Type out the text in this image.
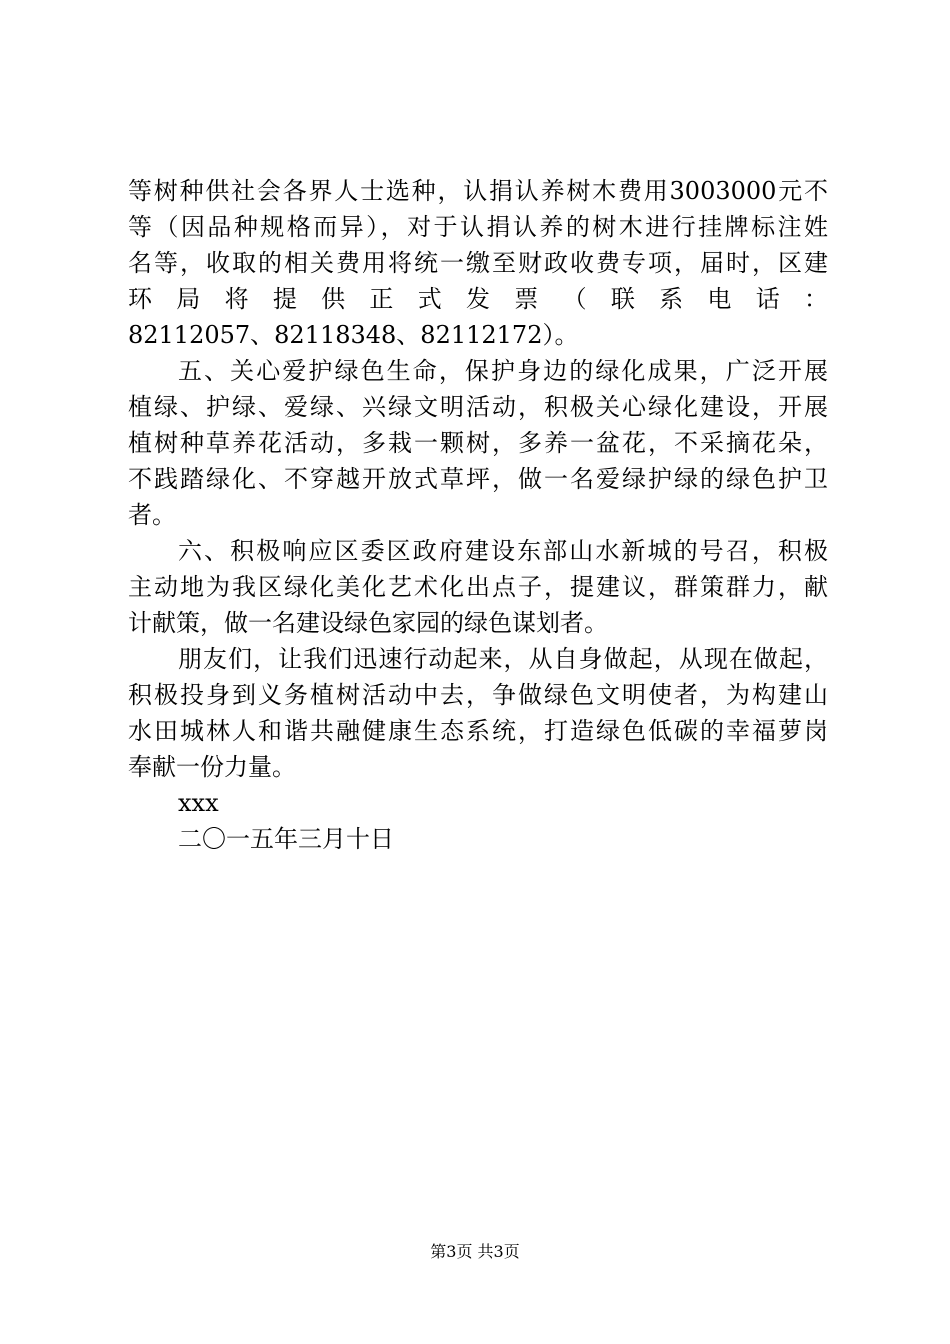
等树种供社会各界人士选种，认捐认养树木费用3003000元不
等（因品种规格而异），对于认捐认养的树木进行挂牌标注姓
名等，收取的相关费用将统一缴至财政收费专项，届时，区建
环 局 将 提 供 正 式 发 票 （ 联 系 电 话 ：
82112057、82118348、82112172）。
五、关心爱护绿色生命，保护身边的绿化成果，广泛开展
植绿、护绿、爱绿、兴绿文明活动，积极关心绿化建设，开展
植树种草养花活动，多栽一颗树，多养一盆花，不采摘花朵，
不践踏绿化、不穿越开放式草坪，做一名爱绿护绿的绿色护卫
者。
六、积极响应区委区政府建设东部山水新城的号召，积极
主动地为我区绿化美化艺术化出点子，提建议，群策群力，献
计献策，做一名建设绿色家园的绿色谋划者。
朋友们，让我们迅速行动起来，从自身做起，从现在做起，
积极投身到义务植树活动中去，争做绿色文明使者，为构建山
水田城林人和谐共融健康生态系统，打造绿色低碳的幸福萝岗
奉献一份力量。
xxx
二〇一五年三月十日
第3页 共3页
